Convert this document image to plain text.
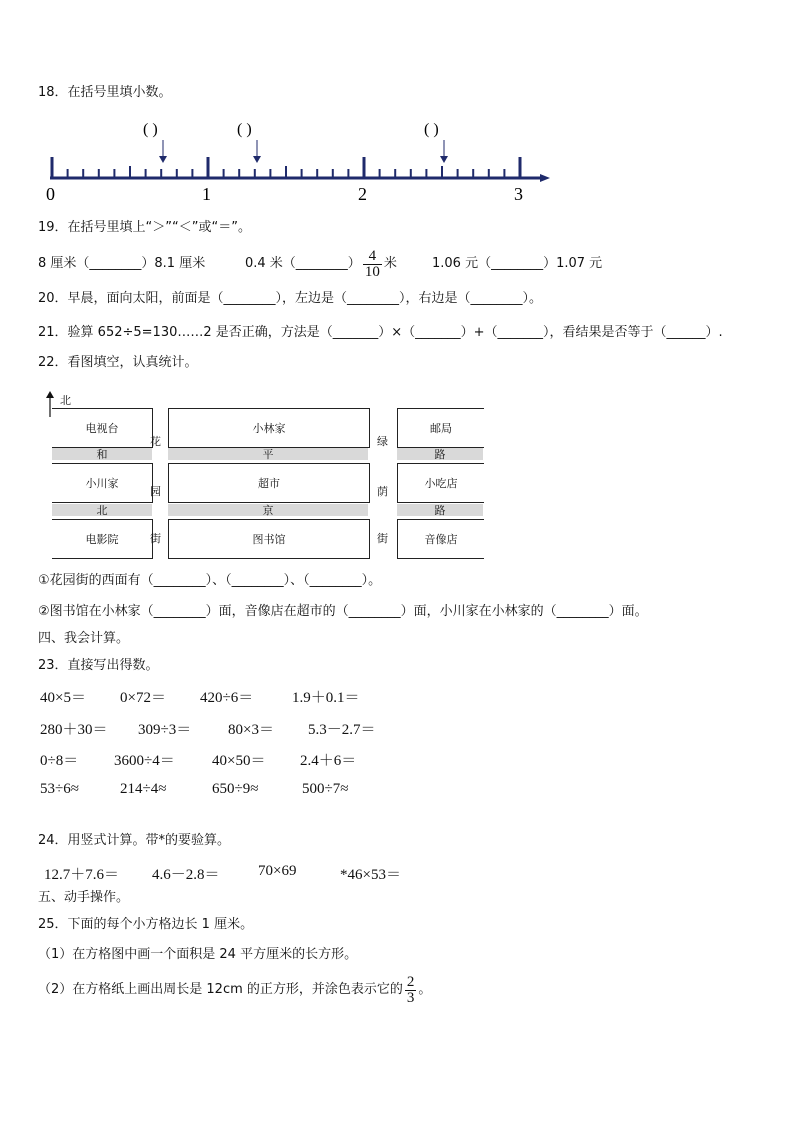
18．在括号里填小数。
( )	( )	( )
0	1	2	3
19．在括号里填上“＞”“＜”或“＝”。
8 厘米（________）8.1 厘米	0.4 米（________） $\frac{4}{10}$ 米	1.06 元（________）1.07 元
20．早晨，面向太阳，前面是（________），左边是（________），右边是（________）。
21．验算 652÷5=130……2 是否正确，方法是（_______）×（_______）+（_______），看结果是否等于（______）.
22．看图填空，认真统计。
北
电视台	小林家	邮局
和	平	路
小川家	超市	小吃店
北	京	路
电影院	图书馆	音像店
花
园
街
绿
荫
街
①花园街的西面有（________）、（________）、（________）。
②图书馆在小林家（________）面，音像店在超市的（________）面，小川家在小林家的（________）面。
四、我会计算。
23．直接写出得数。
40×5＝ 0×72＝ 420÷6＝	1.9＋0.1＝
280＋30＝ 309÷3＝ 80×3＝ 5.3－2.7＝
0÷8＝ 3600÷4＝ 40×50＝ 2.4＋6＝
53÷6≈	214÷4≈	650÷9≈	500÷7≈
24．用竖式计算。带*的要验算。
12.7＋7.6＝ 4.6－2.8＝	70×69	*46×53＝
五、动手操作。
25．下面的每个小方格边长 1 厘米。
（1）在方格图中画一个面积是 24 平方厘米的长方形。
（2）在方格纸上画出周长是 12cm 的正方形，并涂色表示它的 $\frac{2}{3}$ 。
